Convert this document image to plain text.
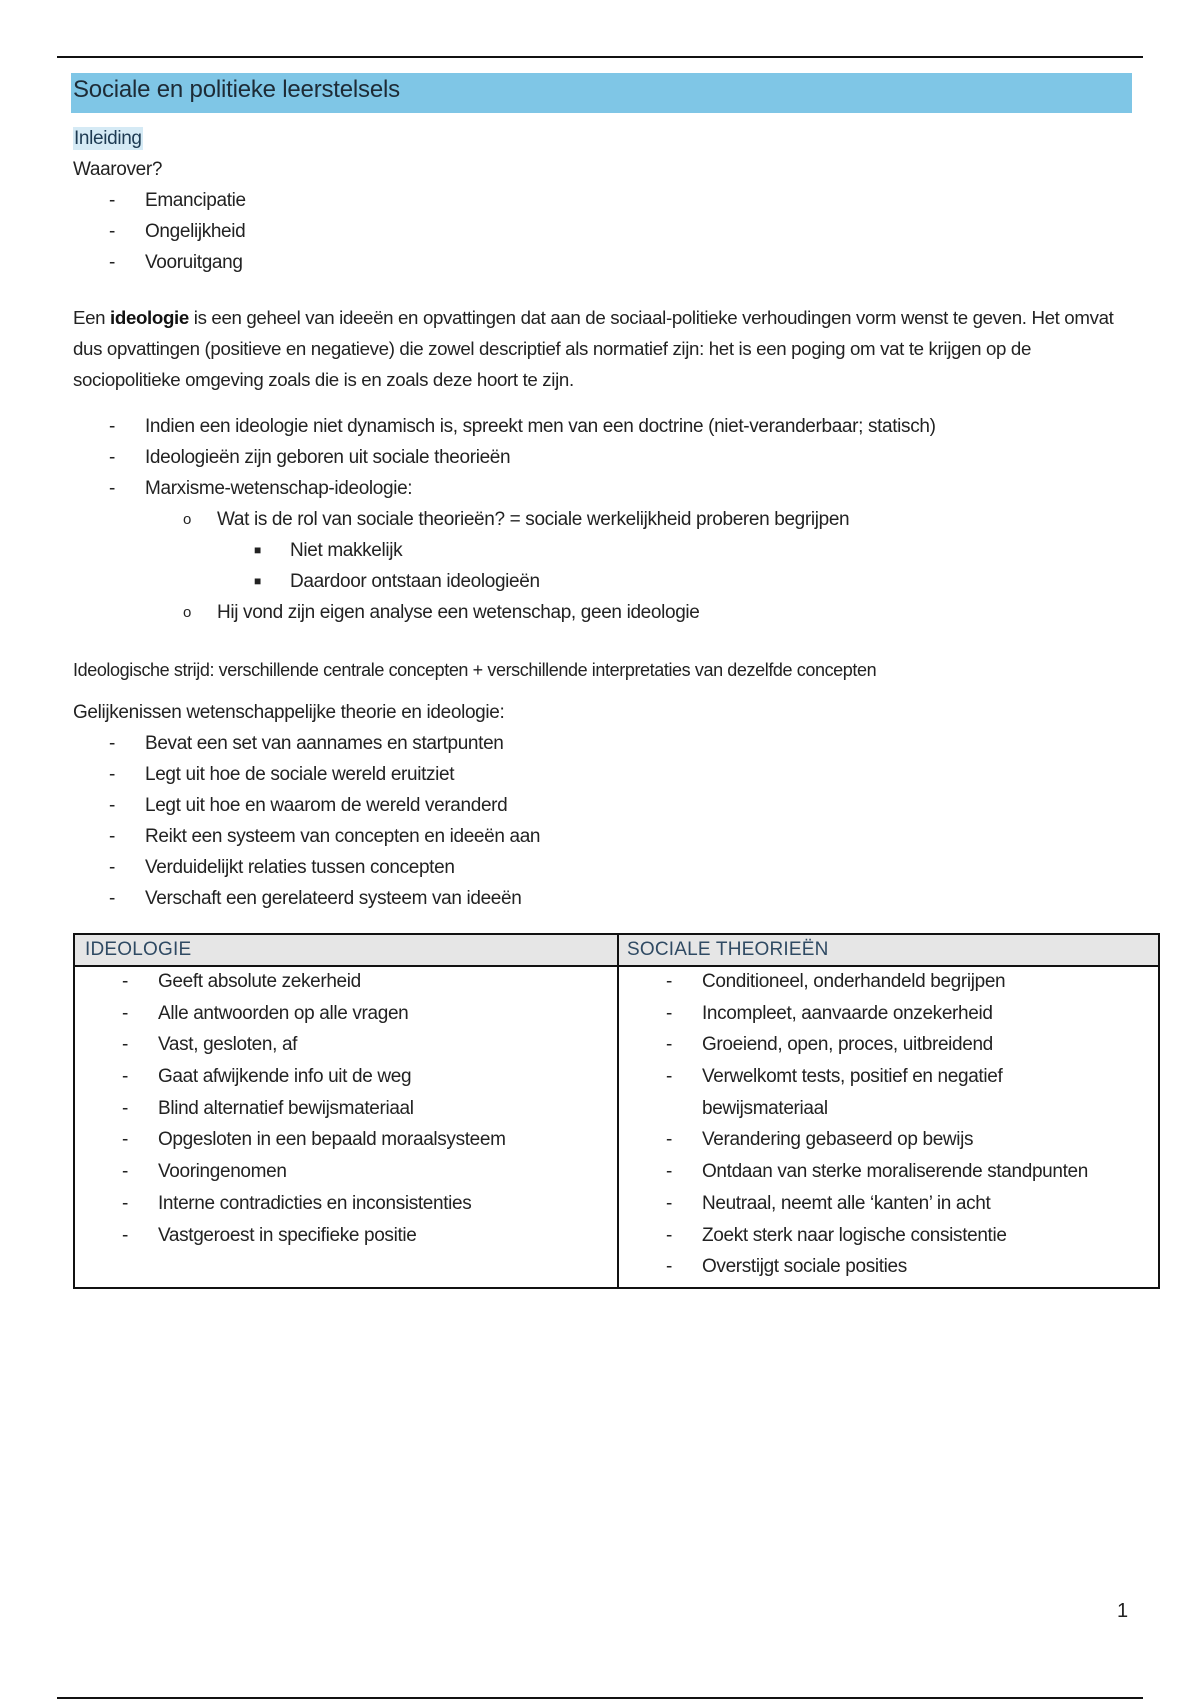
Sociale en politieke leerstelsels
Inleiding
Waarover?
- Emancipatie
- Ongelijkheid
- Vooruitgang
Een ideologie is een geheel van ideeën en opvattingen dat aan de sociaal-politieke verhoudingen vorm wenst te geven. Het omvat dus opvattingen (positieve en negatieve) die zowel descriptief als normatief zijn: het is een poging om vat te krijgen op de sociopolitieke omgeving zoals die is en zoals deze hoort te zijn.
- Indien een ideologie niet dynamisch is, spreekt men van een doctrine (niet-veranderbaar; statisch)
- Ideologieën zijn geboren uit sociale theorieën
- Marxisme-wetenschap-ideologie:
o Wat is de rol van sociale theorieën? = sociale werkelijkheid proberen begrijpen
■ Niet makkelijk
■ Daardoor ontstaan ideologieën
o Hij vond zijn eigen analyse een wetenschap, geen ideologie
Ideologische strijd: verschillende centrale concepten + verschillende interpretaties van dezelfde concepten
Gelijkenissen wetenschappelijke theorie en ideologie:
- Bevat een set van aannames en startpunten
- Legt uit hoe de sociale wereld eruitziet
- Legt uit hoe en waarom de wereld veranderd
- Reikt een systeem van concepten en ideeën aan
- Verduidelijkt relaties tussen concepten
- Verschaft een gerelateerd systeem van ideeën
IDEOLOGIE	SOCIALE THEORIEËN
- Geeft absolute zekerheid
- Alle antwoorden op alle vragen
- Vast, gesloten, af
- Gaat afwijkende info uit de weg
- Blind alternatief bewijsmateriaal
- Opgesloten in een bepaald moraalsysteem
- Vooringenomen
- Interne contradicties en inconsistenties
- Vastgeroest in specifieke positie
- Conditioneel, onderhandeld begrijpen
- Incompleet, aanvaarde onzekerheid
- Groeiend, open, proces, uitbreidend
- Verwelkomt tests, positief en negatief
bewijsmateriaal
- Verandering gebaseerd op bewijs
- Ontdaan van sterke moraliserende standpunten
- Neutraal, neemt alle ‘kanten’ in acht
- Zoekt sterk naar logische consistentie
- Overstijgt sociale posities
1
